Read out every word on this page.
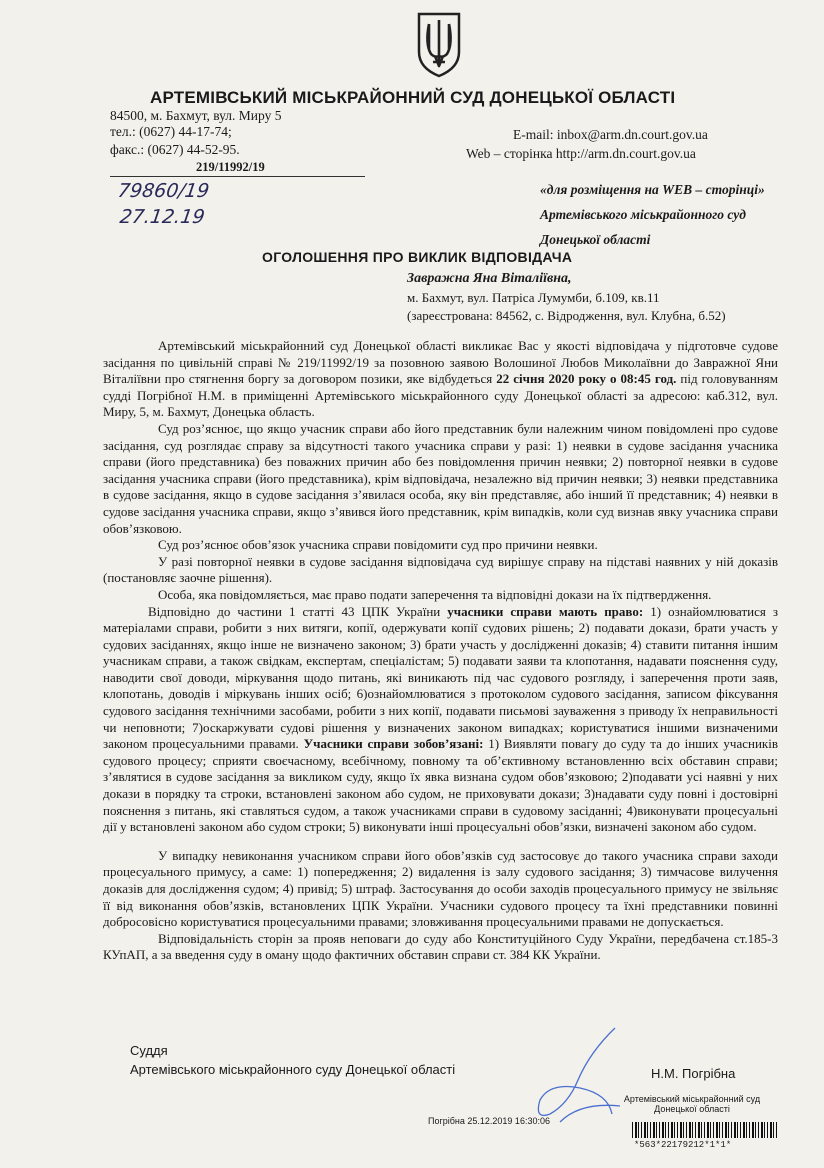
АРТЕМІВСЬКИЙ МІСЬКРАЙОННИЙ СУД ДОНЕЦЬКОЇ ОБЛАСТІ
84500, м. Бахмут, вул. Миру 5
тел.: (0627) 44-17-74;
факс.: (0627) 44-52-95.
E-mail: inbox@arm.dn.court.gov.ua
Web – сторінка http://arm.dn.court.gov.ua
219/11992/19
79860/19
27.12.19
«для розміщення на WEB – сторінці»
Артемівського міськрайонного суд
Донецької області
ОГОЛОШЕННЯ ПРО ВИКЛИК ВІДПОВІДАЧА
Завражна Яна Віталіївна,
м. Бахмут, вул. Патріса Лумумби, б.109, кв.11
(зареєстрована: 84562, с. Відродження, вул. Клубна, б.52)

Артемівський міськрайонний суд Донецької області викликає Вас у якості відповідача у підготовче судове засідання по цивільній справі № 219/11992/19 за позовною заявою Волошиної Любов Миколаївни до Завражної Яни Віталіївни про стягнення боргу за договором позики, яке відбудеться 22 січня 2020 року о 08:45 год. під головуванням судді Погрібної Н.М. в приміщенні Артемівського міськрайонного суду Донецької області за адресою: каб.312, вул. Миру, 5, м. Бахмут, Донецька область.

Суд роз’яснює, що якщо учасник справи або його представник були належним чином повідомлені про судове засідання, суд розглядає справу за відсутності такого учасника справи у разі: 1) неявки в судове засідання учасника справи (його представника) без поважних причин або без повідомлення причин неявки; 2) повторної неявки в судове засідання учасника справи (його представника), крім відповідача, незалежно від причин неявки; 3) неявки представника в судове засідання, якщо в судове засідання з’явилася особа, яку він представляє, або інший її представник; 4) неявки в судове засідання учасника справи, якщо з’явився його представник, крім випадків, коли суд визнав явку учасника справи обов’язковою.

Суд роз’яснює обов’язок учасника справи повідомити суд про причини неявки.

У разі повторної неявки в судове засідання відповідача суд вирішує справу на підставі наявних у ній доказів (постановляє заочне рішення).

Особа, яка повідомляється, має право подати заперечення та відповідні докази на їх підтвердження.

Відповідно до частини 1 статті 43 ЦПК України учасники справи мають право: 1) ознайомлюватися з матеріалами справи, робити з них витяги, копії, одержувати копії судових рішень; 2) подавати докази, брати участь у судових засіданнях, якщо інше не визначено законом; 3) брати участь у дослідженні доказів; 4) ставити питання іншим учасникам справи, а також свідкам, експертам, спеціалістам; 5) подавати заяви та клопотання, надавати пояснення суду, наводити свої доводи, міркування щодо питань, які виникають під час судового розгляду, і заперечення проти заяв, клопотань, доводів і міркувань інших осіб; 6)ознайомлюватися з протоколом судового засідання, записом фіксування судового засідання технічними засобами, робити з них копії, подавати письмові зауваження з приводу їх неправильності чи неповноти; 7)оскаржувати судові рішення у визначених законом випадках; користуватися іншими визначеними законом процесуальними правами. Учасники справи зобов’язані: 1) Виявляти повагу до суду та до інших учасників судового процесу; сприяти своєчасному, всебічному, повному та об’єктивному встановленню всіх обставин справи; з’являтися в судове засідання за викликом суду, якщо їх явка визнана судом обов’язковою; 2)подавати усі наявні у них докази в порядку та строки, встановлені законом або судом, не приховувати докази; 3)надавати суду повні і достовірні пояснення з питань, які ставляться судом, а також учасниками справи в судовому засіданні; 4)виконувати процесуальні дії у встановлені законом або судом строки; 5) виконувати інші процесуальні обов’язки, визначені законом або судом.

У випадку невиконання учасником справи його обов’язків суд застосовує до такого учасника справи заходи процесуального примусу, а саме: 1) попередження; 2) видалення із залу судового засідання; 3) тимчасове вилучення доказів для дослідження судом; 4) привід; 5) штраф. Застосування до особи заходів процесуального примусу не звільняє її від виконання обов’язків, встановлених ЦПК України. Учасники судового процесу та їхні представники повинні добросовісно користуватися процесуальними правами; зловживання процесуальними правами не допускається.

Відповідальність сторін за прояв неповаги до суду або Конституційного Суду України, передбачена ст.185-3 КУпАП, а за введення суду в оману щодо фактичних обставин справи ст. 384 КК України.

Суддя
Артемівського міськрайонного суду Донецької області	Н.М. Погрібна
Артемівський міськрайонний суд
Донецької області
Погрібна 25.12.2019 16:30:06
*563*22179212*1*1*
